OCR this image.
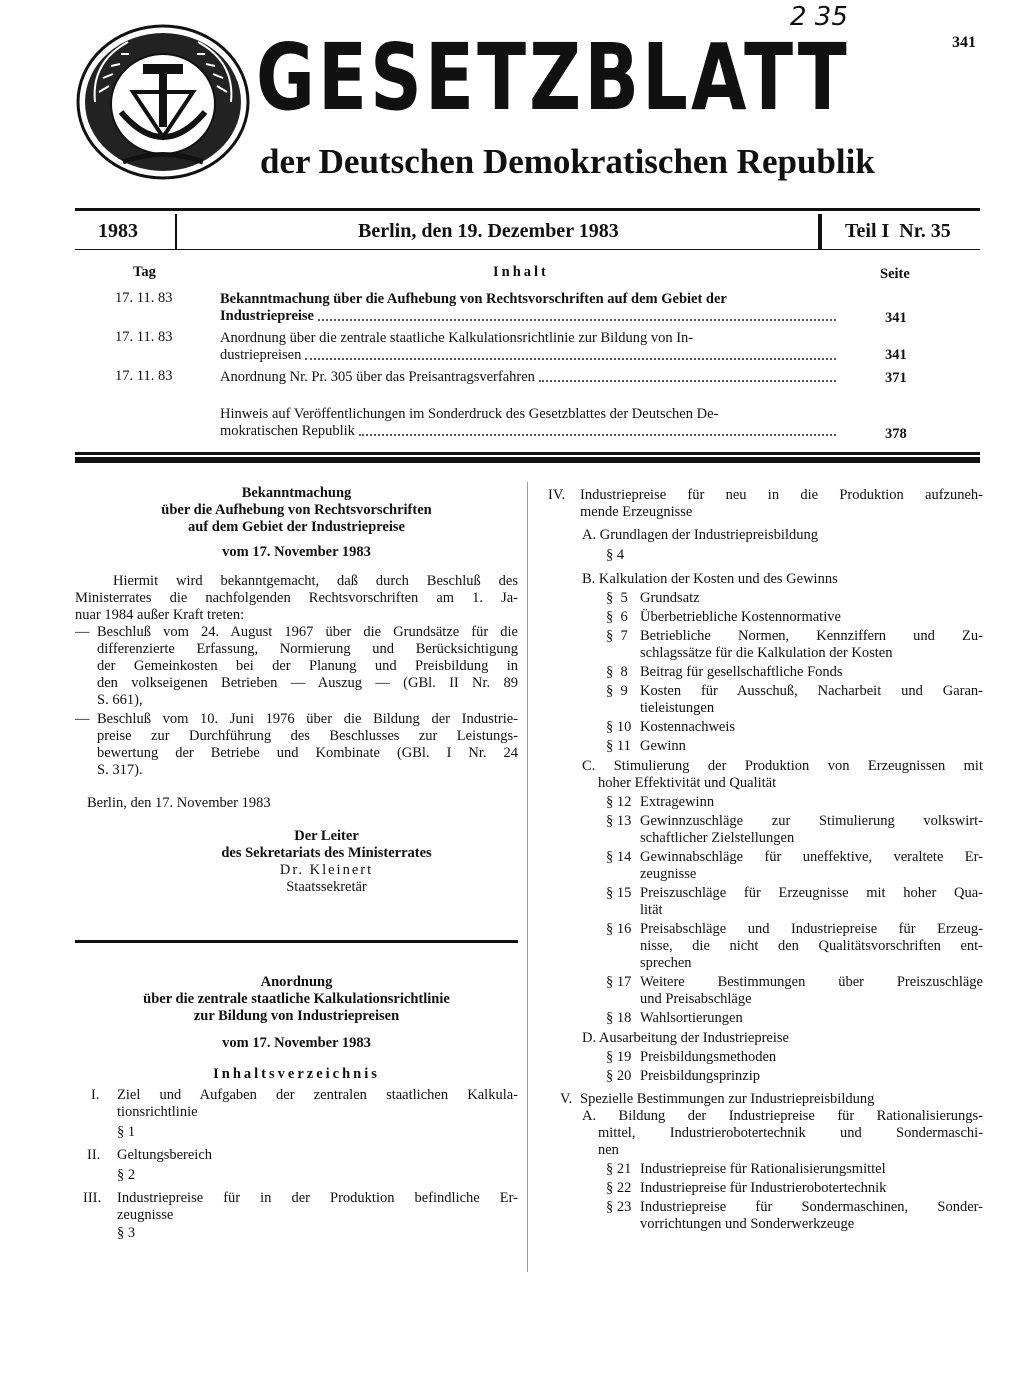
2 35
341
GESETZBLATT
der Deutschen Demokratischen Republik
1983	Berlin, den 19. Dezember 1983	Teil I  Nr. 35
Tag	Inhalt	Seite
17. 11. 83	Bekanntmachung über die Aufhebung von Rechtsvorschriften auf dem Gebiet der
Industriepreise	341
17. 11. 83	Anordnung über die zentrale staatliche Kalkulationsrichtlinie zur Bildung von In-
dustriepreisen	341
17. 11. 83	Anordnung Nr. Pr. 305 über das Preisantragsverfahren	371
Hinweis auf Veröffentlichungen im Sonderdruck des Gesetzblattes der Deutschen De-
mokratischen Republik	378
Bekanntmachung
über die Aufhebung von Rechtsvorschriften
auf dem Gebiet der Industriepreise
vom 17. November 1983
Hiermit wird bekanntgemacht, daß durch Beschluß des
Ministerrates die nachfolgenden Rechtsvorschriften am 1. Ja-
nuar 1984 außer Kraft treten:
— Beschluß vom 24. August 1967 über die Grundsätze für die
differenzierte Erfassung, Normierung und Berücksichtigung
der Gemeinkosten bei der Planung und Preisbildung in
den volkseigenen Betrieben — Auszug — (GBl. II Nr. 89
S. 661),
— Beschluß vom 10. Juni 1976 über die Bildung der Industrie-
preise zur Durchführung des Beschlusses zur Leistungs-
bewertung der Betriebe und Kombinate (GBl. I Nr. 24
S. 317).
Berlin, den 17. November 1983
Der Leiter
des Sekretariats des Ministerrates
Dr. Kleinert
Staatssekretär
Anordnung
über die zentrale staatliche Kalkulationsrichtlinie
zur Bildung von Industriepreisen
vom 17. November 1983
Inhaltsverzeichnis
I. Ziel und Aufgaben der zentralen staatlichen Kalkula-
tionsrichtlinie
§ 1
II. Geltungsbereich
§ 2
III. Industriepreise für in der Produktion befindliche Er-
zeugnisse
§ 3
IV. Industriepreise für neu in die Produktion aufzuneh-
mende Erzeugnisse
A. Grundlagen der Industriepreisbildung
§ 4
B. Kalkulation der Kosten und des Gewinns
§  5 Grundsatz
§  6 Überbetriebliche Kostennormative
§  7 Betriebliche Normen, Kennziffern und Zu-
schlagssätze für die Kalkulation der Kosten
§  8 Beitrag für gesellschaftliche Fonds
§  9 Kosten für Ausschuß, Nacharbeit und Garan-
tieleistungen
§ 10 Kostennachweis
§ 11 Gewinn
C. Stimulierung der Produktion von Erzeugnissen mit
hoher Effektivität und Qualität
§ 12 Extragewinn
§ 13 Gewinnzuschläge zur Stimulierung volkswirt-
schaftlicher Zielstellungen
§ 14 Gewinnabschläge für uneffektive, veraltete Er-
zeugnisse
§ 15 Preiszuschläge für Erzeugnisse mit hoher Qua-
lität
§ 16 Preisabschläge und Industriepreise für Erzeug-
nisse, die nicht den Qualitätsvorschriften ent-
sprechen
§ 17 Weitere Bestimmungen über Preiszuschläge
und Preisabschläge
§ 18 Wahlsortierungen
D. Ausarbeitung der Industriepreise
§ 19 Preisbildungsmethoden
§ 20 Preisbildungsprinzip
V. Spezielle Bestimmungen zur Industriepreisbildung
A. Bildung der Industriepreise für Rationalisierungs-
mittel, Industrierobotertechnik und Sondermaschi-
nen
§ 21 Industriepreise für Rationalisierungsmittel
§ 22 Industriepreise für Industrierobotertechnik
§ 23 Industriepreise für Sondermaschinen, Sonder-
vorrichtungen und Sonderwerkzeuge
